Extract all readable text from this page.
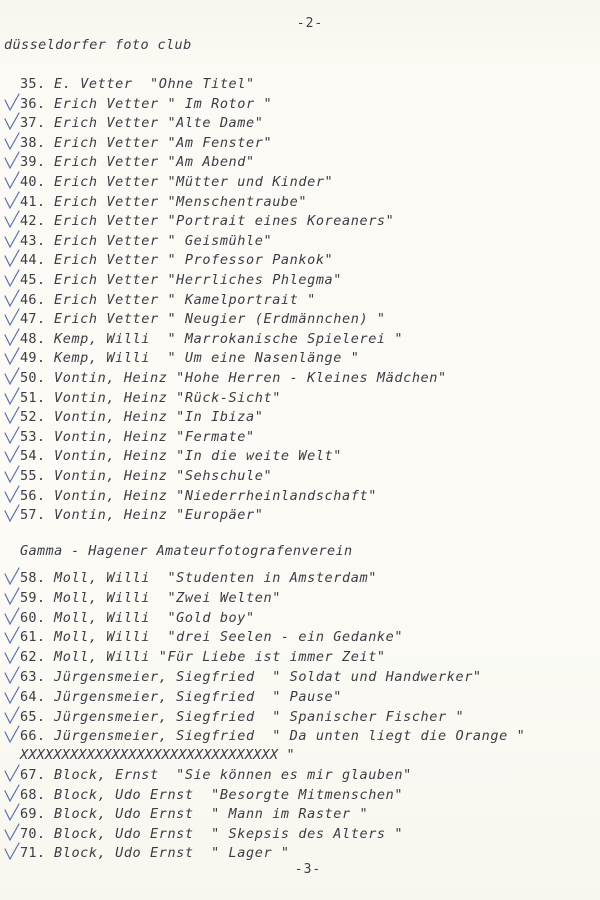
-2-
düsseldorfer foto club
35. E. Vetter  "Ohne Titel"
36. Erich Vetter " Im Rotor "
37. Erich Vetter "Alte Dame"
38. Erich Vetter "Am Fenster"
39. Erich Vetter "Am Abend"
40. Erich Vetter "Mütter und Kinder"
41. Erich Vetter "Menschentraube"
42. Erich Vetter "Portrait eines Koreaners"
43. Erich Vetter " Geismühle"
44. Erich Vetter " Professor Pankok"
45. Erich Vetter "Herrliches Phlegma"
46. Erich Vetter " Kamelportrait "
47. Erich Vetter " Neugier (Erdmännchen) "
48. Kemp, Willi  " Marrokanische Spielerei "
49. Kemp, Willi  " Um eine Nasenlänge "
50. Vontin, Heinz "Hohe Herren - Kleines Mädchen"
51. Vontin, Heinz "Rück-Sicht"
52. Vontin, Heinz "In Ibiza"
53. Vontin, Heinz "Fermate"
54. Vontin, Heinz "In die weite Welt"
55. Vontin, Heinz "Sehschule"
56. Vontin, Heinz "Niederrheinlandschaft"
57. Vontin, Heinz "Europäer"
Gamma - Hagener Amateurfotografenverein
58. Moll, Willi  "Studenten in Amsterdam"
59. Moll, Willi  "Zwei Welten"
60. Moll, Willi  "Gold boy"
61. Moll, Willi  "drei Seelen - ein Gedanke"
62. Moll, Willi "Für Liebe ist immer Zeit"
63. Jürgensmeier, Siegfried  " Soldat und Handwerker"
64. Jürgensmeier, Siegfried  " Pause"
65. Jürgensmeier, Siegfried  " Spanischer Fischer "
66. Jürgensmeier, Siegfried  " Da unten liegt die Orange "
XXXXXXXXXXXXXXXXXXXXXXXXXXXXXXX "
67. Block, Ernst  "Sie können es mir glauben"
68. Block, Udo Ernst  "Besorgte Mitmenschen"
69. Block, Udo Ernst  " Mann im Raster "
70. Block, Udo Ernst  " Skepsis des Alters "
71. Block, Udo Ernst  " Lager "
-3-
